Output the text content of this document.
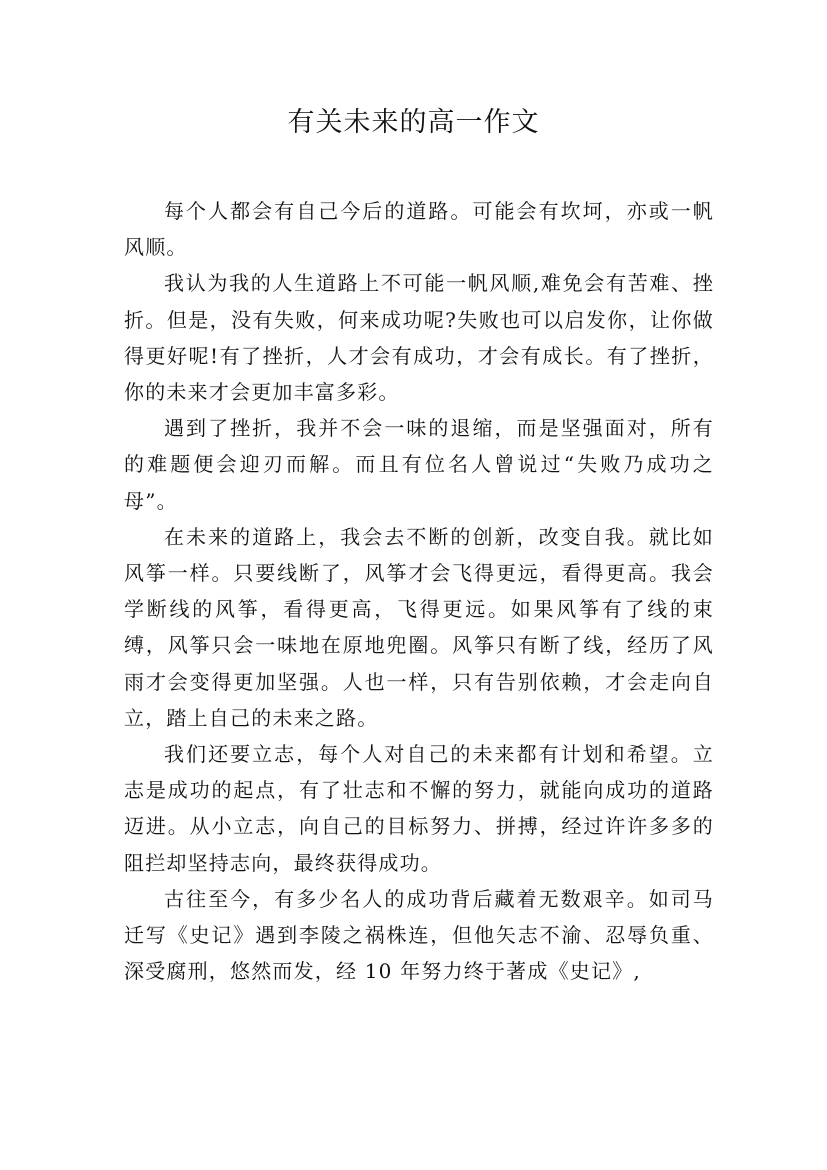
有关未来的高一作文

每个人都会有自己今后的道路。可能会有坎坷，亦或一帆风顺。

我认为我的人生道路上不可能一帆风顺,难免会有苦难、挫折。但是，没有失败，何来成功呢?失败也可以启发你，让你做得更好呢!有了挫折，人才会有成功，才会有成长。有了挫折，你的未来才会更加丰富多彩。

遇到了挫折，我并不会一味的退缩，而是坚强面对，所有的难题便会迎刃而解。而且有位名人曾说过“失败乃成功之母”。

在未来的道路上，我会去不断的创新，改变自我。就比如风筝一样。只要线断了，风筝才会飞得更远，看得更高。我会学断线的风筝，看得更高，飞得更远。如果风筝有了线的束缚，风筝只会一味地在原地兜圈。风筝只有断了线，经历了风雨才会变得更加坚强。人也一样，只有告别依赖，才会走向自立，踏上自己的未来之路。

我们还要立志，每个人对自己的未来都有计划和希望。立志是成功的起点，有了壮志和不懈的努力，就能向成功的道路迈进。从小立志，向自己的目标努力、拼搏，经过许许多多的阻拦却坚持志向，最终获得成功。

古往至今，有多少名人的成功背后藏着无数艰辛。如司马迁写《史记》遇到李陵之祸株连，但他矢志不渝、忍辱负重、深受腐刑，悠然而发，经 10 年努力终于著成《史记》,
